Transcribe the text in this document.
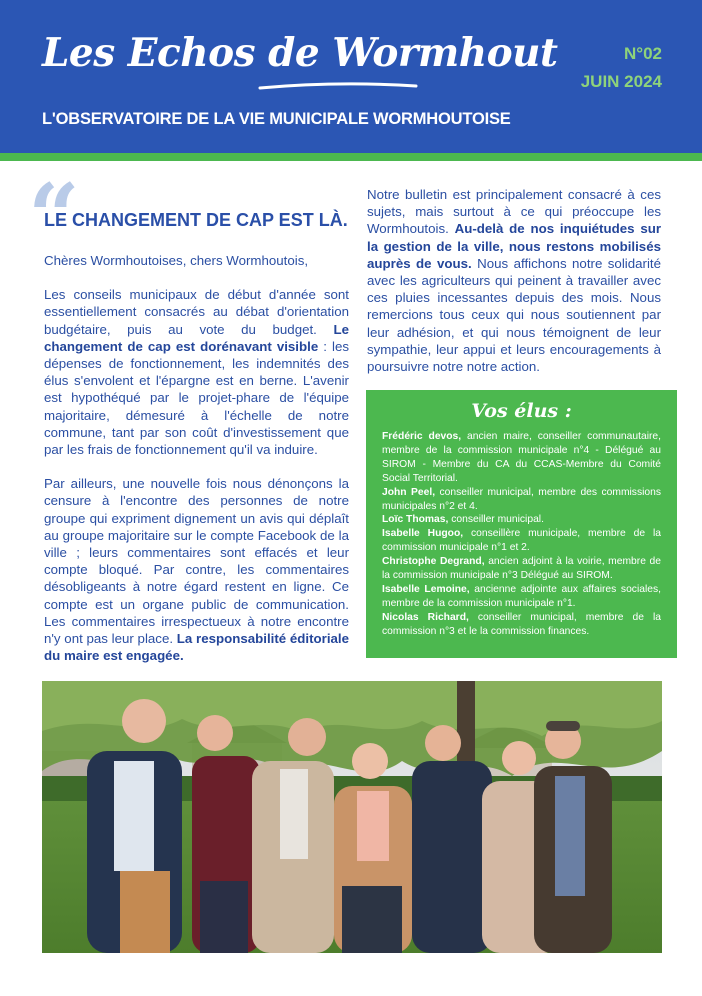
Les Echos de Wormhout
L'OBSERVATOIRE DE LA VIE MUNICIPALE WORMHOUTOISE
N°02
JUIN 2024
“
LE CHANGEMENT DE CAP EST LÀ.

Chères Wormhoutoises, chers Wormhoutois,

Les conseils municipaux de début d'année sont essentiellement consacrés au débat d'orientation budgétaire, puis au vote du budget. Le changement de cap est dorénavant visible : les dépenses de fonctionnement, les indemnités des élus s'envolent et l'épargne est en berne. L'avenir est hypothéqué par le projet-phare de l'équipe majoritaire, démesuré à l'échelle de notre commune, tant par son coût d'investissement que par les frais de fonctionnement qu'il va induire.

Par ailleurs, une nouvelle fois nous dénonçons la censure à l'encontre des personnes de notre groupe qui expriment dignement un avis qui déplaît au groupe majoritaire sur le compte Facebook de la ville ; leurs commentaires sont effacés et leur compte bloqué. Par contre, les commentaires désobligeants à notre égard restent en ligne. Ce compte est un organe public de communication. Les commentaires irrespectueux à notre encontre n'y ont pas leur place. La responsabilité éditoriale du maire est engagée.

Notre bulletin est principalement consacré à ces sujets, mais surtout à ce qui préoccupe les Wormhoutois. Au-delà de nos inquiétudes sur la gestion de la ville, nous restons mobilisés auprès de vous. Nous affichons notre solidarité avec les agriculteurs qui peinent à travailler avec ces pluies incessantes depuis des mois. Nous remercions tous ceux qui nous soutiennent par leur adhésion, et qui nous témoignent de leur sympathie, leur appui et leurs encouragements à poursuivre notre notre action.

Vos élus :
Frédéric devos, ancien maire, conseiller communautaire, membre de la commission municipale n°4 - Délégué au SIROM - Membre du CA du CCAS-Membre du Comité Social Territorial.
John Peel, conseiller municipal, membre des commissions municipales n°2 et 4.
Loïc Thomas, conseiller municipal.
Isabelle Hugoo, conseillère municipale, membre de la commission municipale n°1 et 2.
Christophe Degrand, ancien adjoint à la voirie, membre de la commission municipale n°3 Délégué au SIROM.
Isabelle Lemoine, ancienne adjointe aux affaires sociales, membre de la commission municipale n°1.
Nicolas Richard, conseiller municipal, membre de la commission n°3 et le la commission finances.
